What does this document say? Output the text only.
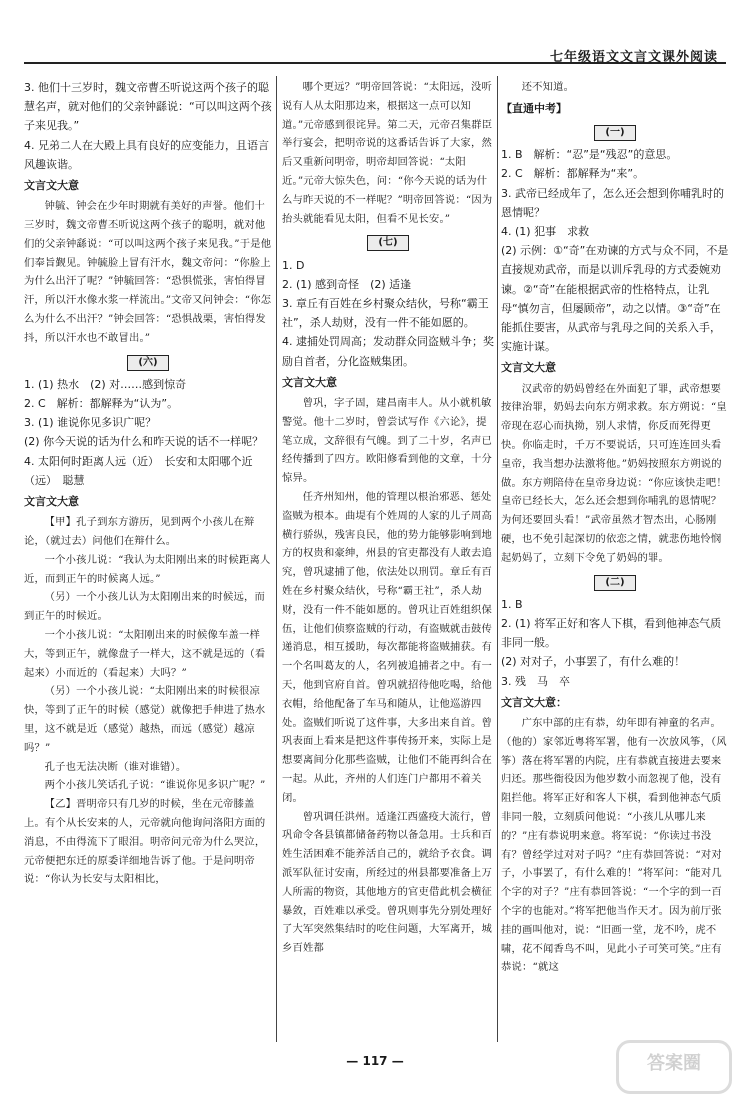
七年级语文文言文课外阅读

3. 他们十三岁时，魏文帝曹丕听说这两个孩子的聪慧名声，就对他们的父亲钟繇说：“可以叫这两个孩子来见我。”

4. 兄弟二人在大殿上具有良好的应变能力，且语言风趣诙谐。

文言文大意

钟毓、钟会在少年时期就有美好的声誉。他们十三岁时，魏文帝曹丕听说这两个孩子的聪明，就对他们的父亲钟繇说：“可以叫这两个孩子来见我。”于是他们奉旨觐见。钟毓脸上冒有汗水，魏文帝问：“你脸上为什么出汗了呢？”钟毓回答：“恐惧慌张，害怕得冒汗，所以汗水像水浆一样流出。”文帝又问钟会：“你怎么为什么不出汗？”钟会回答：“恐惧战栗，害怕得发抖，所以汗水也不敢冒出。”

(六)

1. (1) 热水　(2) 对……感到惊奇

2. C　解析：都解释为“认为”。

3. (1) 谁说你见多识广呢？

(2) 你今天说的话为什么和昨天说的话不一样呢？

4. 太阳何时距离人远（近）　长安和太阳哪个近（远）　聪慧

文言文大意

【甲】孔子到东方游历，见到两个小孩儿在辩论，（就过去）问他们在辩什么。

一个小孩儿说：“我认为太阳刚出来的时候距离人近，而到正午的时候离人远。”

（另）一个小孩儿认为太阳刚出来的时候远，而到正午的时候近。

一个小孩儿说：“太阳刚出来的时候像车盖一样大，等到正午，就像盘子一样大，这不就是远的（看起来）小而近的（看起来）大吗？”

（另）一个小孩儿说：“太阳刚出来的时候很凉快，等到了正午的时候（感觉）就像把手伸进了热水里，这不就是近（感觉）越热，而远（感觉）越凉吗？”

孔子也无法决断（谁对谁错）。

两个小孩儿笑话孔子说：“谁说你见多识广呢？”

【乙】晋明帝只有几岁的时候，坐在元帝膝盖上。有个从长安来的人，元帝就向他询问洛阳方面的消息，不由得流下了眼泪。明帝问元帝为什么哭泣，元帝便把东迁的原委详细地告诉了他。于是问明帝说：“你认为长安与太阳相比，

哪个更远？”明帝回答说：“太阳远，没听说有人从太阳那边来，根据这一点可以知道。”元帝感到很诧异。第二天，元帝召集群臣举行宴会，把明帝说的这番话告诉了大家，然后又重新问明帝，明帝却回答说：“太阳近。”元帝大惊失色，问：“你今天说的话为什么与昨天说的不一样呢？”明帝回答说：“因为抬头就能看见太阳，但看不见长安。”

(七)

1. D

2. (1) 感到奇怪　(2) 适逢

3. 章丘有百姓在乡村聚众结伙，号称“霸王社”，杀人劫财，没有一件不能如愿的。

4. 逮捕处罚周高；发动群众同盗贼斗争；奖励自首者，分化盗贼集团。

文言文大意

曾巩，字子固，建昌南丰人。从小就机敏警觉。他十二岁时，曾尝试写作《六论》，提笔立成，文辞很有气魄。到了二十岁，名声已经传播到了四方。欧阳修看到他的文章，十分惊异。

任齐州知州，他的管理以根治邪恶、惩处盗贼为根本。曲堤有个姓周的人家的儿子周高横行骄纵，残害良民，他的势力能够影响到地方的权贵和豪绅，州县的官吏都没有人敢去追究，曾巩逮捕了他，依法处以刑罚。章丘有百姓在乡村聚众结伙，号称“霸王社”，杀人劫财，没有一件不能如愿的。曾巩让百姓组织保伍，让他们侦察盗贼的行动，有盗贼就击鼓传递消息，相互援助，每次都能将盗贼捕获。有一个名叫葛友的人，名列被追捕者之中。有一天，他到官府自首。曾巩就招待他吃喝，给他衣帽，给他配备了车马和随从，让他巡游四处。盗贼们听说了这件事，大多出来自首。曾巩表面上看来是把这件事传扬开来，实际上是想要离间分化那些盗贼，让他们不能再纠合在一起。从此，齐州的人们连门户都用不着关闭。

曾巩调任洪州。适逢江西盛疫大流行，曾巩命令各县镇都储备药物以备急用。士兵和百姓生活困难不能养活自己的，就给予衣食。调派军队征讨安南，所经过的州县都要准备上万人所需的物资，其他地方的官吏借此机会横征暴敛，百姓难以承受。曾巩则事先分别处理好了大军突然集结时的吃住问题，大军离开，城乡百姓都

还不知道。

【直通中考】

(一)

1. B　解析：“忍”是“残忍”的意思。

2. C　解析：都解释为“来”。

3. 武帝已经成年了，怎么还会想到你哺乳时的恩情呢？

4. (1) 犯事　求救

(2) 示例：①“奇”在劝谏的方式与众不同，不是直接规劝武帝，而是以训斥乳母的方式委婉劝谏。②“奇”在能根据武帝的性格特点，让乳母“慎勿言，但屡顾帝”，动之以情。③“奇”在能抓住要害，从武帝与乳母之间的关系入手，实施计谋。

文言文大意

汉武帝的奶妈曾经在外面犯了罪，武帝想要按律治罪，奶妈去向东方朔求救。东方朔说：“皇帝现在忍心而执拗，别人求情，你反而死得更快。你临走时，千万不要说话，只可连连回头看皇帝，我当想办法激将他。”奶妈按照东方朔说的做。东方朔陪侍在皇帝身边说：“你应该快走吧！皇帝已经长大，怎么还会想到你哺乳的恩情呢？为何还要回头看！”武帝虽然才智杰出，心肠刚硬，也不免引起深切的依恋之情，就悲伤地怜悯起奶妈了，立刻下令免了奶妈的罪。

(二)

1. B

2. (1) 将军正好和客人下棋，看到他神态气质非同一般。

(2) 对对子，小事罢了，有什么难的！

3. 残　马　卒

文言文大意：

广东中部的庄有恭，幼年即有神童的名声。（他的）家邻近粤将军署，他有一次放风筝，（风筝）落在将军署的内院，庄有恭就直接进去要来归还。那些衙役因为他岁数小而忽视了他，没有阻拦他。将军正好和客人下棋，看到他神态气质非同一般，立刻质问他说：“小孩儿从哪儿来的？”庄有恭说明来意。将军说：“你读过书没有？曾经学过对对子吗？”庄有恭回答说：“对对子，小事罢了，有什么难的！”将军问：“能对几个字的对子？”庄有恭回答说：“一个字的到一百个字的也能对。”将军把他当作天才。因为前厅张挂的画叫他对，说：“旧画一堂，龙不吟，虎不啸，花不闻香鸟不叫，见此小子可笑可笑。”庄有恭说：“就这

— 117 —	答案圈
